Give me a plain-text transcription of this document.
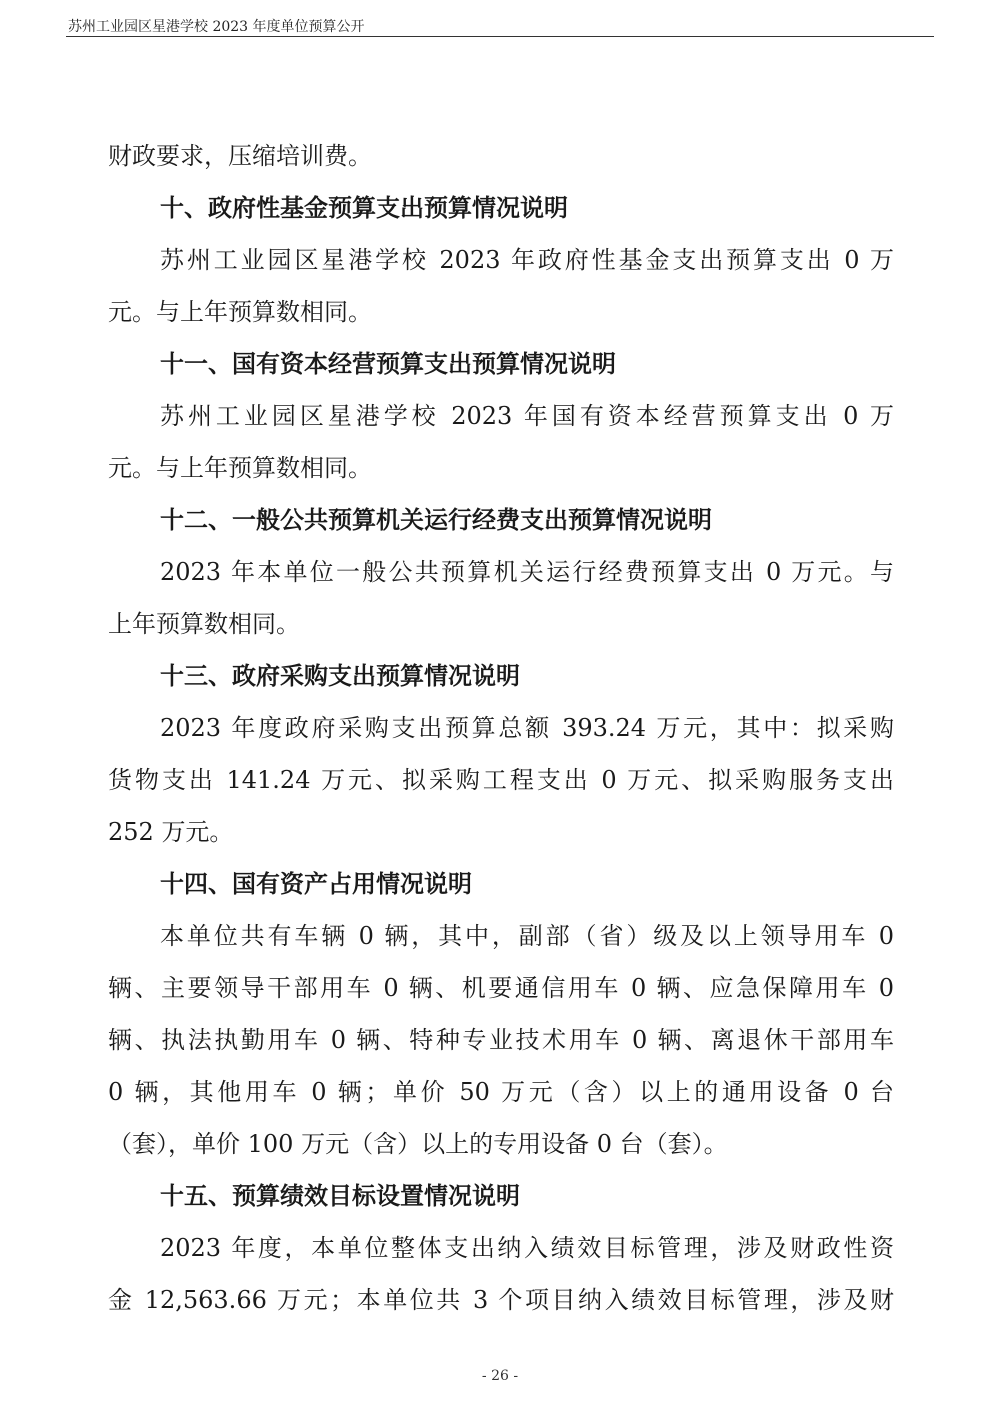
苏州工业园区星港学校 2023 年度单位预算公开
财政要求，压缩培训费。
十、政府性基金预算支出预算情况说明
苏州工业园区星港学校 2023 年政府性基金支出预算支出 0 万
元。与上年预算数相同。
十一、国有资本经营预算支出预算情况说明
苏州工业园区星港学校 2023 年国有资本经营预算支出 0 万
元。与上年预算数相同。
十二、一般公共预算机关运行经费支出预算情况说明
2023 年本单位一般公共预算机关运行经费预算支出 0 万元。与
上年预算数相同。
十三、政府采购支出预算情况说明
2023 年度政府采购支出预算总额 393.24 万元，其中：拟采购
货物支出 141.24 万元、拟采购工程支出 0 万元、拟采购服务支出
252 万元。
十四、国有资产占用情况说明
本单位共有车辆 0 辆，其中，副部（省）级及以上领导用车 0
辆、主要领导干部用车 0 辆、机要通信用车 0 辆、应急保障用车 0
辆、执法执勤用车 0 辆、特种专业技术用车 0 辆、离退休干部用车
0 辆，其他用车 0 辆；单价 50 万元（含）以上的通用设备 0 台
（套），单价 100 万元（含）以上的专用设备 0 台（套）。
十五、预算绩效目标设置情况说明
2023 年度，本单位整体支出纳入绩效目标管理，涉及财政性资
金 12,563.66 万元；本单位共 3 个项目纳入绩效目标管理，涉及财
- 26 -
